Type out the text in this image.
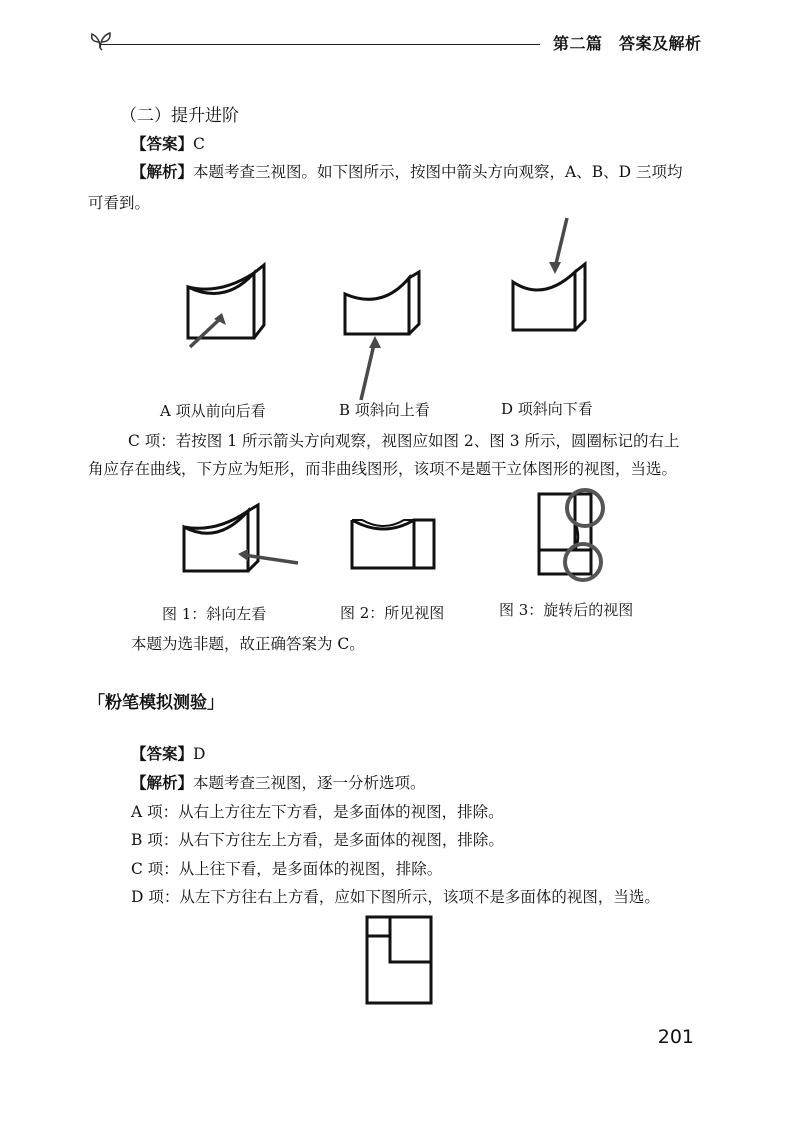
第二篇　答案及解析
（二）提升进阶
【答案】C
【解析】本题考查三视图。如下图所示，按图中箭头方向观察，A、B、D 三项均
可看到。
A 项从前向后看	B 项斜向上看	D 项斜向下看
C 项：若按图 1 所示箭头方向观察，视图应如图 2、图 3 所示，圆圈标记的右上
角应存在曲线，下方应为矩形，而非曲线图形，该项不是题干立体图形的视图，当选。
图 1：斜向左看	图 2：所见视图	图 3：旋转后的视图
本题为选非题，故正确答案为 C。
「粉笔模拟测验」
【答案】D
【解析】本题考查三视图，逐一分析选项。
A 项：从右上方往左下方看，是多面体的视图，排除。
B 项：从右下方往左上方看，是多面体的视图，排除。
C 项：从上往下看，是多面体的视图，排除。
D 项：从左下方往右上方看，应如下图所示，该项不是多面体的视图，当选。
201
